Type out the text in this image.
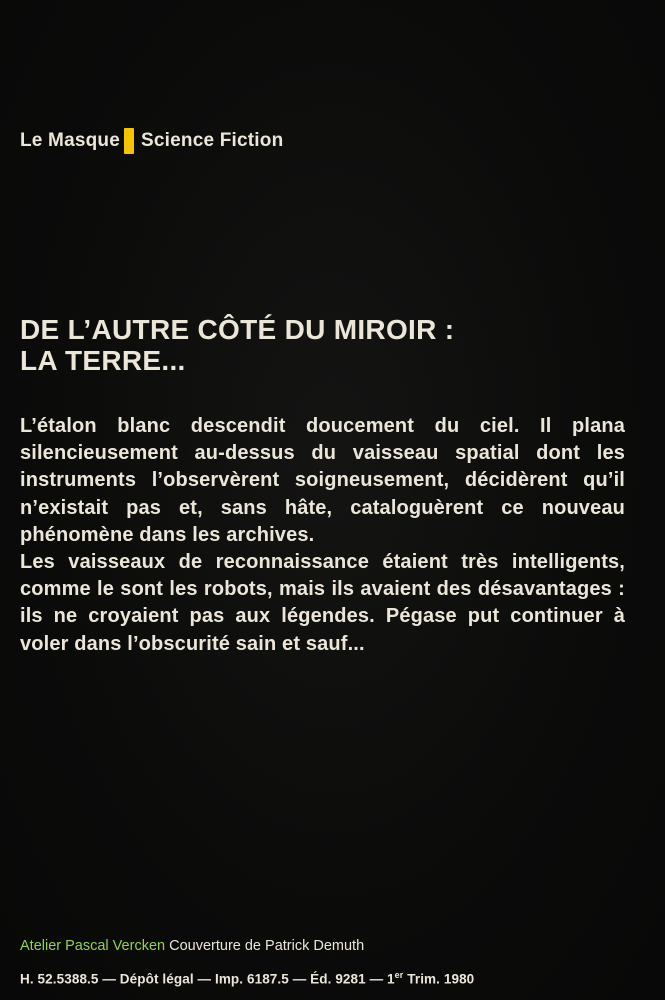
Le Masque Science Fiction
DE L’AUTRE CÔTÉ DU MIROIR :
LA TERRE...

L’étalon blanc descendit doucement du ciel. Il plana silencieusement au-dessus du vaisseau spatial dont les instruments l’observèrent soigneusement, décidèrent qu’il n’existait pas et, sans hâte, cataloguèrent ce nouveau phénomène dans les archives.

Les vaisseaux de reconnaissance étaient très intelligents, comme le sont les robots, mais ils avaient des désavantages : ils ne croyaient pas aux légendes. Pégase put continuer à voler dans l’obscurité sain et sauf...

Atelier Pascal Vercken Couverture de Patrick Demuth
H. 52.5388.5 — Dépôt légal — Imp. 6187.5 — Éd. 9281 — 1er Trim. 1980
